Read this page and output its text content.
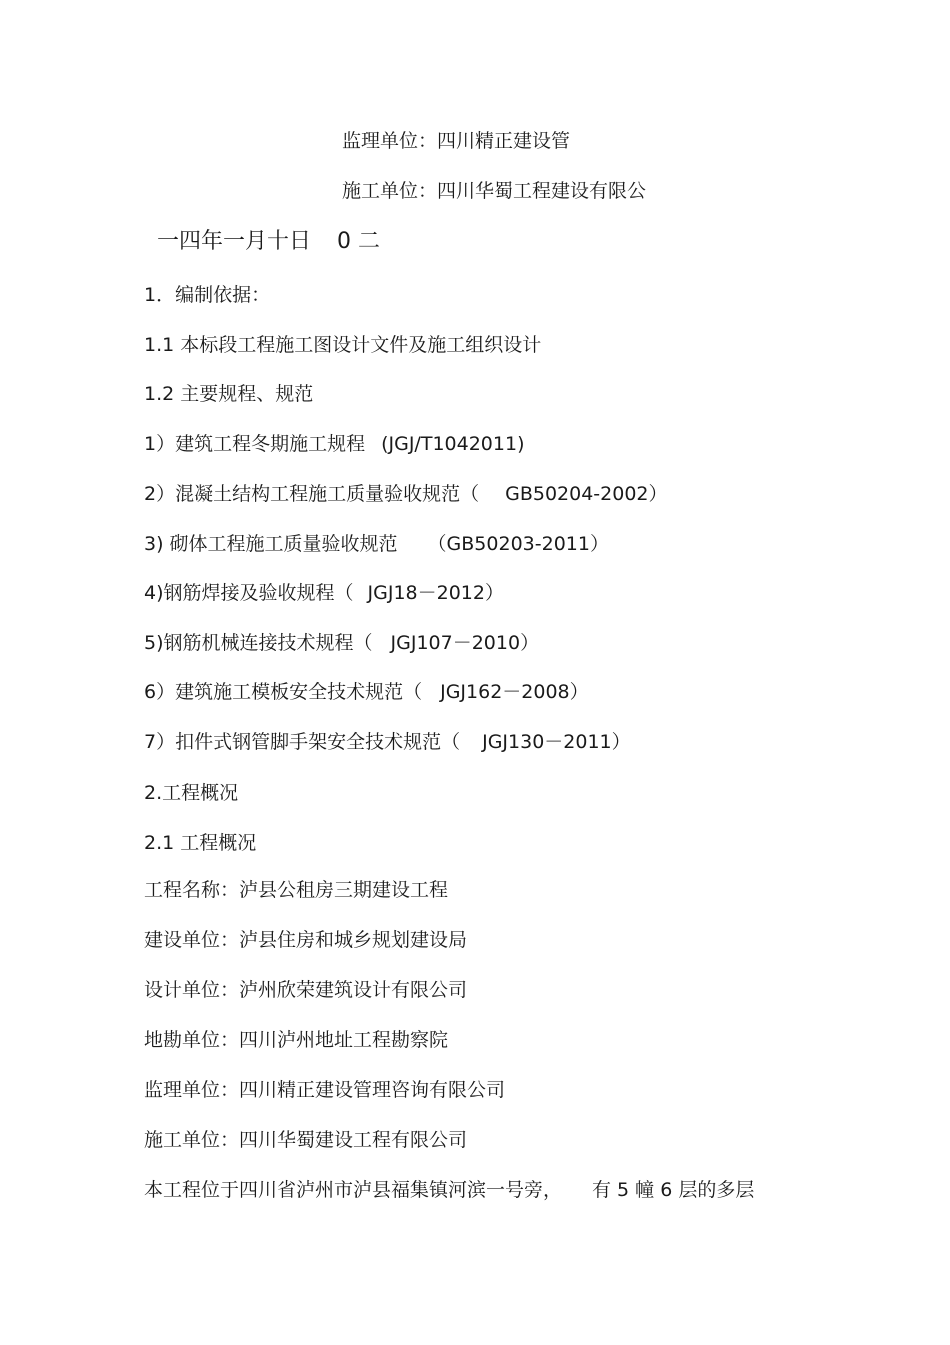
监理单位：四川精正建设管
施工单位：四川华蜀工程建设有限公
一四年一月十日 0 二
1．编制依据：
1.1 本标段工程施工图设计文件及施工组织设计
1.2 主要规程、规范
1）建筑工程冬期施工规程 (JGJ/T1042011)
2）混凝土结构工程施工质量验收规范（ GB50204-2002）
3) 砌体工程施工质量验收规范 （GB50203-2011）
4)钢筋焊接及验收规程（ JGJ18－2012）
5)钢筋机械连接技术规程（ JGJ107－2010）
6）建筑施工模板安全技术规范（ JGJ162－2008）
7）扣件式钢管脚手架安全技术规范（ JGJ130－2011）
2.工程概况
2.1 工程概况
工程名称：泸县公租房三期建设工程
建设单位：泸县住房和城乡规划建设局
设计单位：泸州欣荣建筑设计有限公司
地勘单位：四川泸州地址工程勘察院
监理单位：四川精正建设管理咨询有限公司
施工单位：四川华蜀建设工程有限公司
本工程位于四川省泸州市泸县福集镇河滨一号旁， 有 5 幢 6 层的多层
